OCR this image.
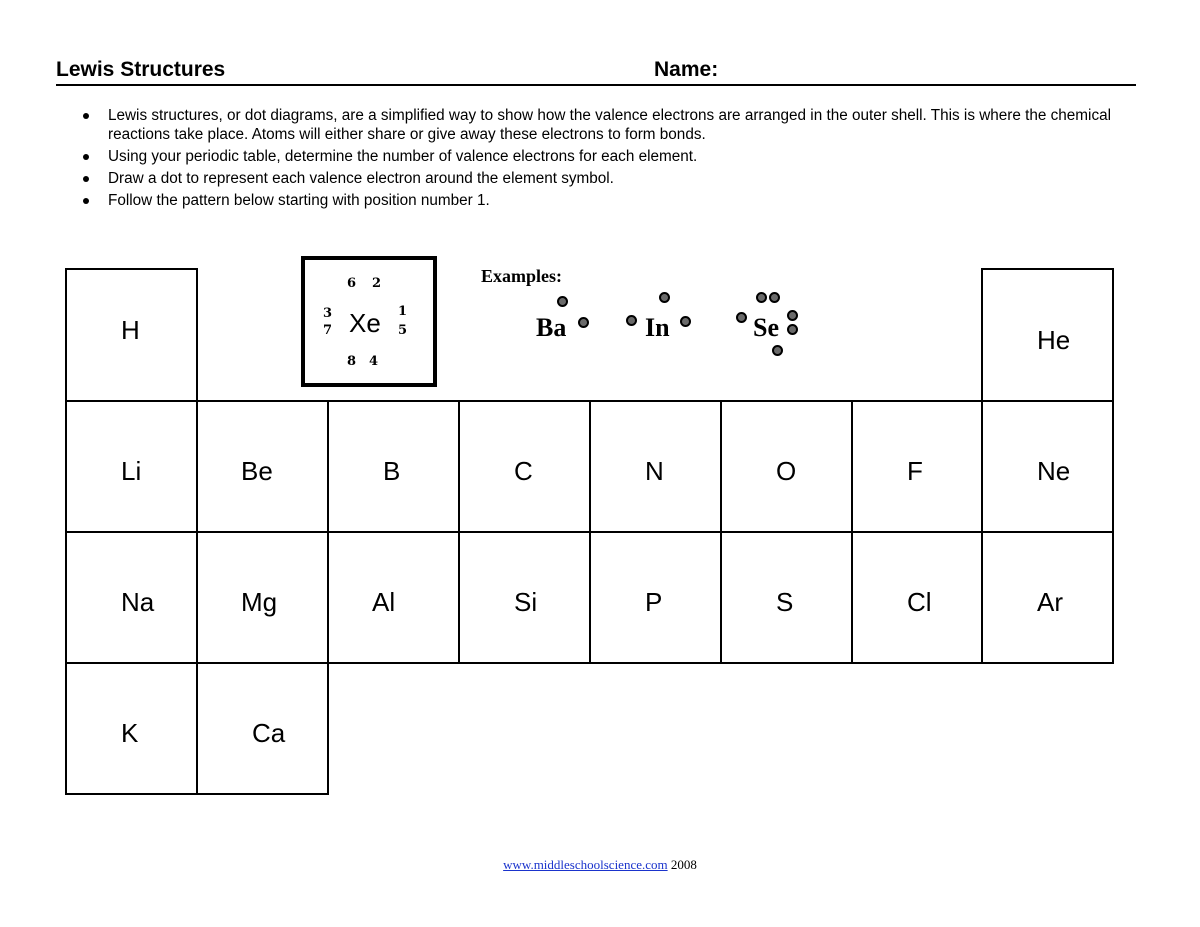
Lewis Structures	Name:
Lewis structures, or dot diagrams, are a simplified way to show how the valence electrons are arranged in the outer shell. This is where the chemical reactions take place. Atoms will either share or give away these electrons to form bonds.
Using your periodic table, determine the number of valence electrons for each element.
Draw a dot to represent each valence electron around the element symbol.
Follow the pattern below starting with position number 1.
H	He
6 2
3
7 Xe 1
5
8 4
Examples:
Ba	In	Se
Li	Be	B	C	N	O	F	Ne
Na	Mg	Al	Si	P	S	Cl	Ar
K	Ca
www.middleschoolscience.com 2008
